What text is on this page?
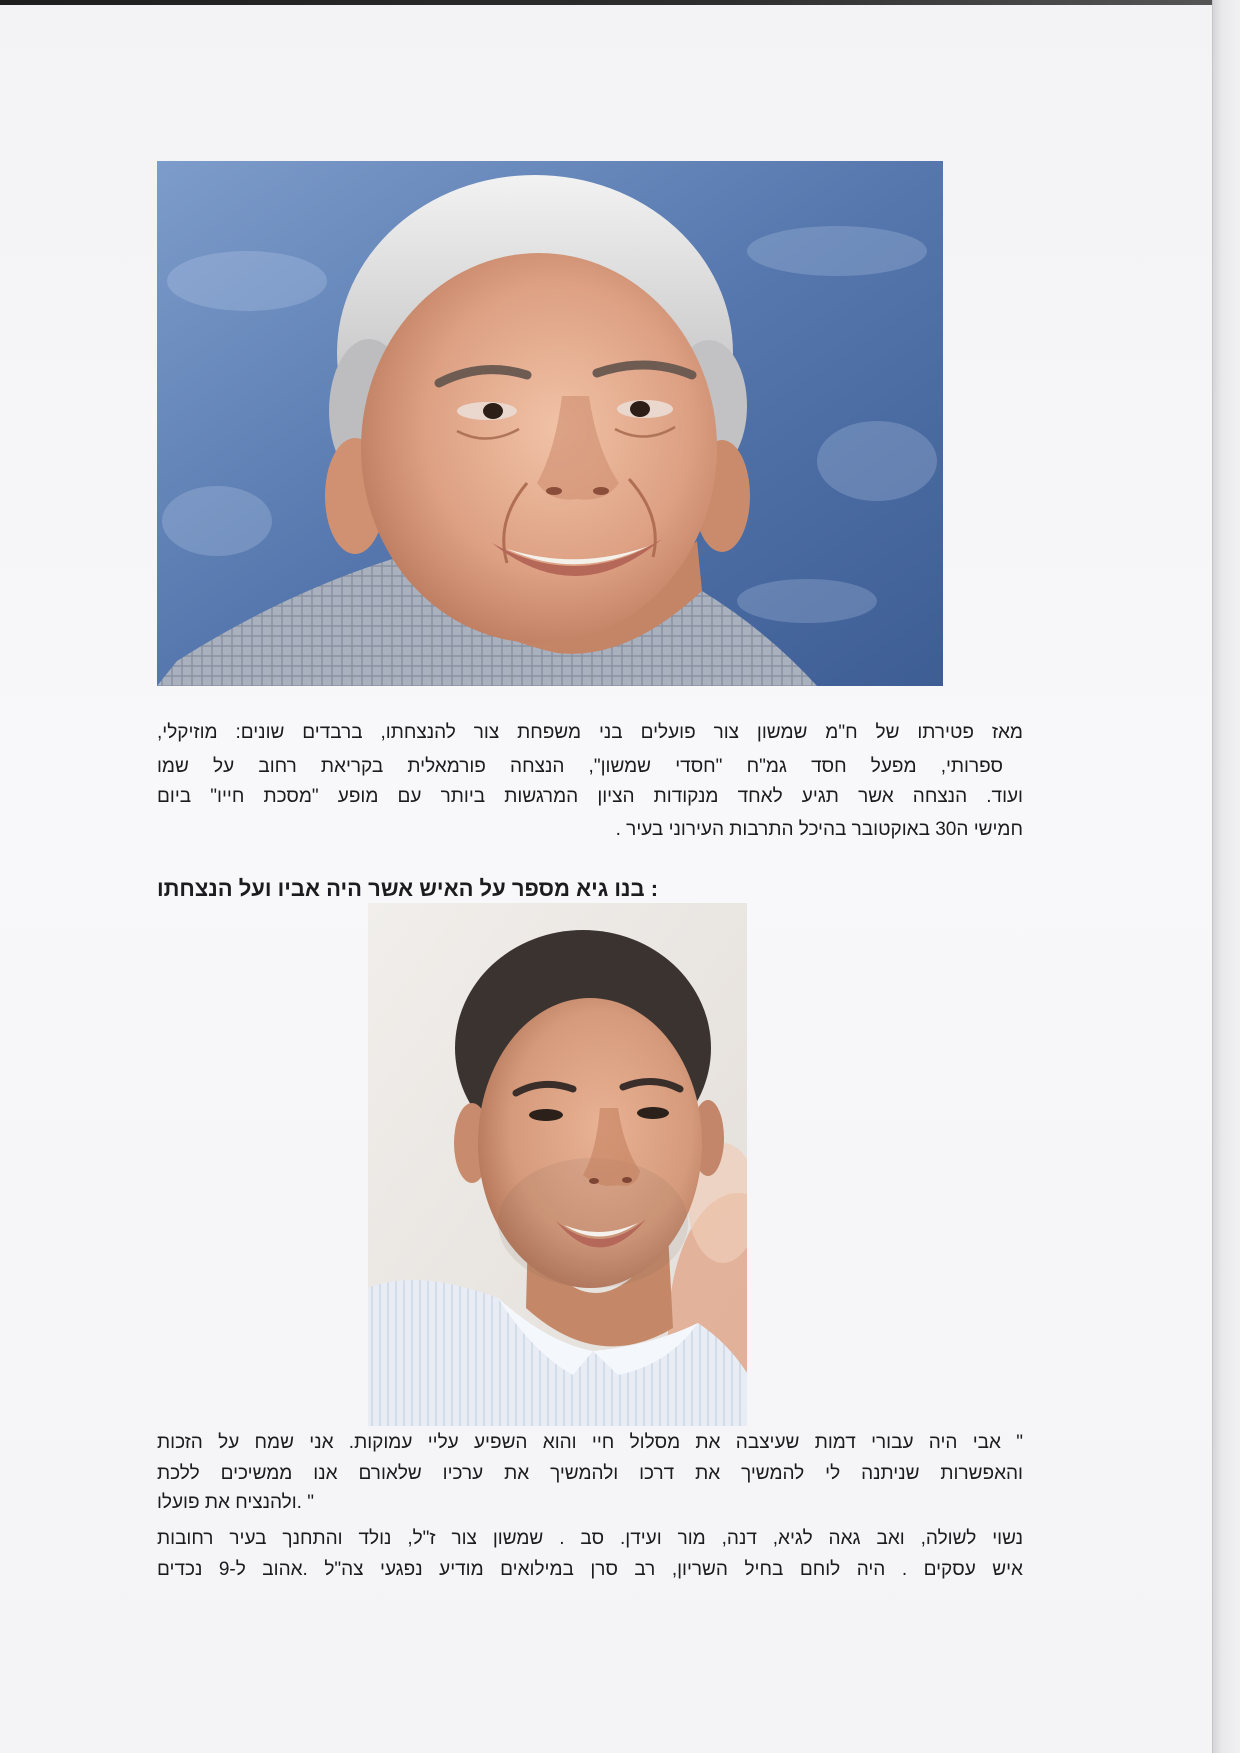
מאז פטירתו של ח"מ שמשון צור פועלים בני משפחת צור להנצחתו, ברבדים שונים: מוזיקלי,
ספרותי, מפעל חסד גמ"ח "חסדי שמשון", הנצחה פורמאלית בקריאת רחוב על שמו
ועוד. הנצחה אשר תגיע לאחד מנקודות הציון המרגשות ביותר עם מופע "מסכת חייו" ביום
חמישי ה30 באוקטובר בהיכל התרבות העירוני בעיר .
בנו גיא מספר על האיש אשר היה אביו ועל הנצחתו :
אבי היה עבורי דמות שעיצבה את מסלול חיי והוא השפיע עליי עמוקות. אני שמח על הזכות "
והאפשרות שניתנה לי להמשיך את דרכו ולהמשיך את ערכיו שלאורם אנו ממשיכים ללכת
ולהנציח את פועלו. "
נשוי לשולה, ואב גאה לגיא, דנה, מור ועידן. סב . שמשון צור ז"ל, נולד והתחנך בעיר רחובות
איש עסקים . היה לוחם בחיל השריון, רב סרן במילואים מודיע נפגעי צה"ל .אהוב ל-9 נכדים
